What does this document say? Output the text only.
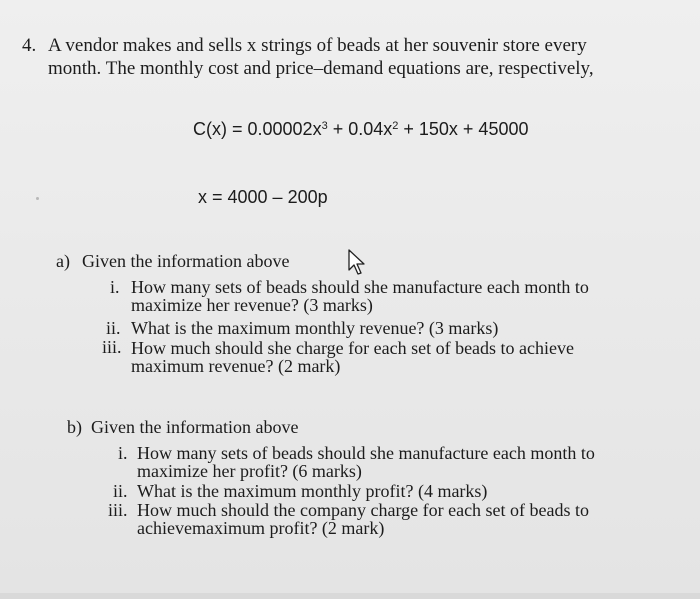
4. A vendor makes and sells x strings of beads at her souvenir store every
month. The monthly cost and price–demand equations are, respectively,
$C(x) = 0.00002x^3 + 0.04x^2 + 150x + 45000$
x = 4000 – 200p
a) Given the information above
i. How many sets of beads should she manufacture each month to
maximize her revenue? (3 marks)
ii. What is the maximum monthly revenue? (3 marks)
iii. How much should she charge for each set of beads to achieve
maximum revenue? (2 mark)
b) Given the information above
i. How many sets of beads should she manufacture each month to
maximize her profit? (6 marks)
ii. What is the maximum monthly profit? (4 marks)
iii. How much should the company charge for each set of beads to
achievemaximum profit? (2 mark)
